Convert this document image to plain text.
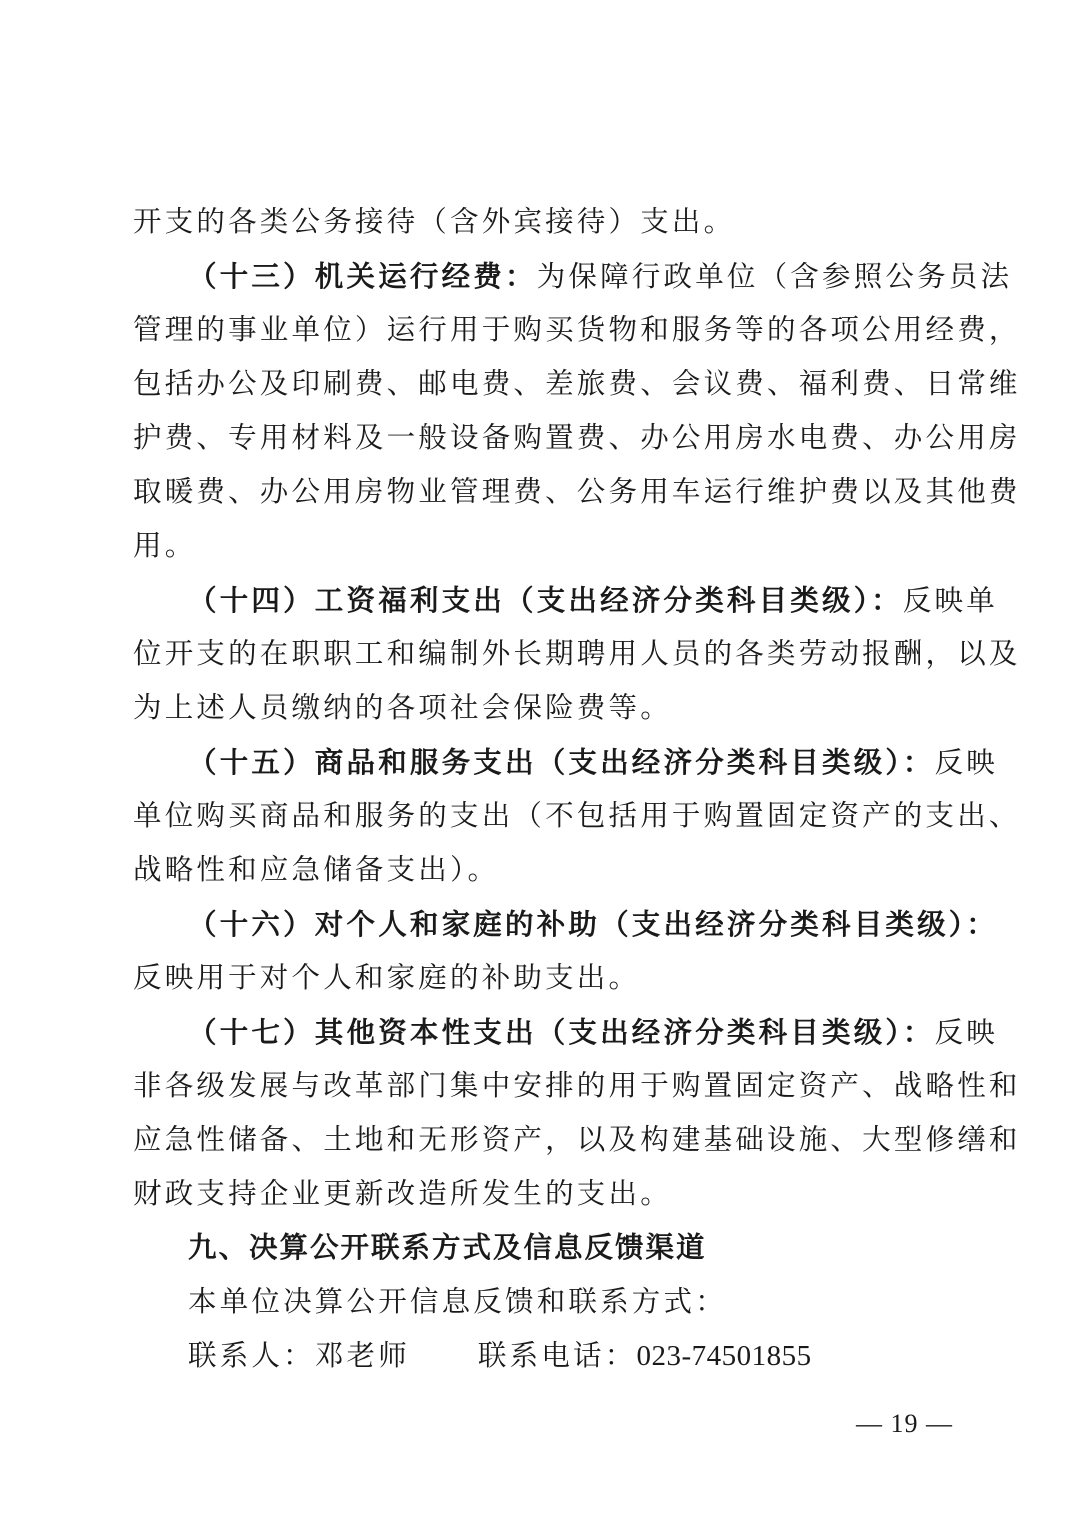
开支的各类公务接待（含外宾接待）支出。
（十三）机关运行经费：为保障行政单位（含参照公务员法
管理的事业单位）运行用于购买货物和服务等的各项公用经费，
包括办公及印刷费、邮电费、差旅费、会议费、福利费、日常维
护费、专用材料及一般设备购置费、办公用房水电费、办公用房
取暖费、办公用房物业管理费、公务用车运行维护费以及其他费
用。
（十四）工资福利支出（支出经济分类科目类级）：反映单
位开支的在职职工和编制外长期聘用人员的各类劳动报酬，以及
为上述人员缴纳的各项社会保险费等。
（十五）商品和服务支出（支出经济分类科目类级）：反映
单位购买商品和服务的支出（不包括用于购置固定资产的支出、
战略性和应急储备支出）。
（十六）对个人和家庭的补助（支出经济分类科目类级）：
反映用于对个人和家庭的补助支出。
（十七）其他资本性支出（支出经济分类科目类级）：反映
非各级发展与改革部门集中安排的用于购置固定资产、战略性和
应急性储备、土地和无形资产，以及构建基础设施、大型修缮和
财政支持企业更新改造所发生的支出。
九、决算公开联系方式及信息反馈渠道
本单位决算公开信息反馈和联系方式：
联系人：邓老师 联系电话：023-74501855
— 19 —
